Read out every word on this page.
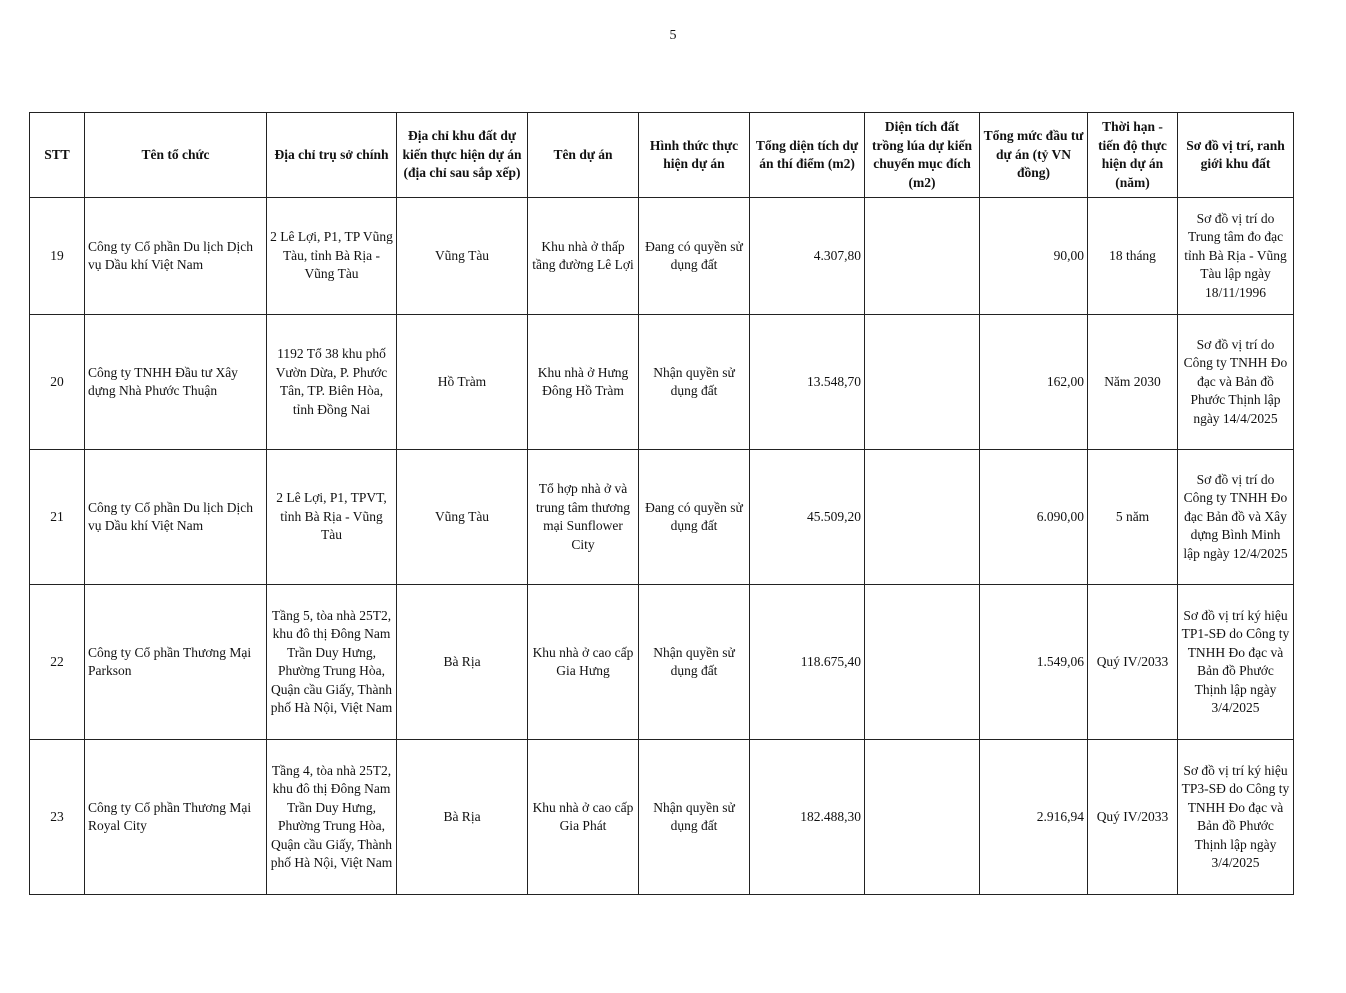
5
STT	Tên tổ chức	Địa chỉ trụ sở chính	Địa chỉ khu đất dự kiến thực hiện dự án (địa chỉ sau sắp xếp)	Tên dự án	Hình thức thực hiện dự án	Tổng diện tích dự án thí điểm (m2)	Diện tích đất trồng lúa dự kiến chuyển mục đích (m2)	Tổng mức đầu tư dự án (tỷ VN đồng)	Thời hạn - tiến độ thực hiện dự án (năm)	Sơ đồ vị trí, ranh giới khu đất
19	Công ty Cổ phần Du lịch Dịch vụ Dầu khí Việt Nam	2 Lê Lợi, P1, TP Vũng Tàu, tỉnh Bà Rịa - Vũng Tàu	Vũng Tàu	Khu nhà ở thấp tầng đường Lê Lợi	Đang có quyền sử dụng đất	4.307,80		90,00	18 tháng	Sơ đồ vị trí do Trung tâm đo đạc tỉnh Bà Rịa - Vũng Tàu lập ngày 18/11/1996
20	Công ty TNHH Đầu tư Xây dựng Nhà Phước Thuận	1192 Tổ 38 khu phố Vườn Dừa, P. Phước Tân, TP. Biên Hòa, tỉnh Đồng Nai	Hồ Tràm	Khu nhà ở Hưng Đông Hồ Tràm	Nhận quyền sử dụng đất	13.548,70		162,00	Năm 2030	Sơ đồ vị trí do Công ty TNHH Đo đạc và Bản đồ Phước Thịnh lập ngày 14/4/2025
21	Công ty Cổ phần Du lịch Dịch vụ Dầu khí Việt Nam	2 Lê Lợi, P1, TPVT, tỉnh Bà Rịa - Vũng Tàu	Vũng Tàu	Tổ hợp nhà ở và trung tâm thương mại Sunflower City	Đang có quyền sử dụng đất	45.509,20		6.090,00	5 năm	Sơ đồ vị trí do Công ty TNHH Đo đạc Bản đồ và Xây dựng Bình Minh lập ngày 12/4/2025
22	Công ty Cổ phần Thương Mại Parkson	Tầng 5, tòa nhà 25T2, khu đô thị Đông Nam Trần Duy Hưng, Phường Trung Hòa, Quận cầu Giấy, Thành phố Hà Nội, Việt Nam	Bà Rịa	Khu nhà ở cao cấp Gia Hưng	Nhận quyền sử dụng đất	118.675,40		1.549,06	Quý IV/2033	Sơ đồ vị trí ký hiệu TP1-SĐ do Công ty TNHH Đo đạc và Bản đồ Phước Thịnh lập ngày 3/4/2025
23	Công ty Cổ phần Thương Mại Royal City	Tầng 4, tòa nhà 25T2, khu đô thị Đông Nam Trần Duy Hưng, Phường Trung Hòa, Quận cầu Giấy, Thành phố Hà Nội, Việt Nam	Bà Rịa	Khu nhà ở cao cấp Gia Phát	Nhận quyền sử dụng đất	182.488,30		2.916,94	Quý IV/2033	Sơ đồ vị trí ký hiệu TP3-SĐ do Công ty TNHH Đo đạc và Bản đồ Phước Thịnh lập ngày 3/4/2025
